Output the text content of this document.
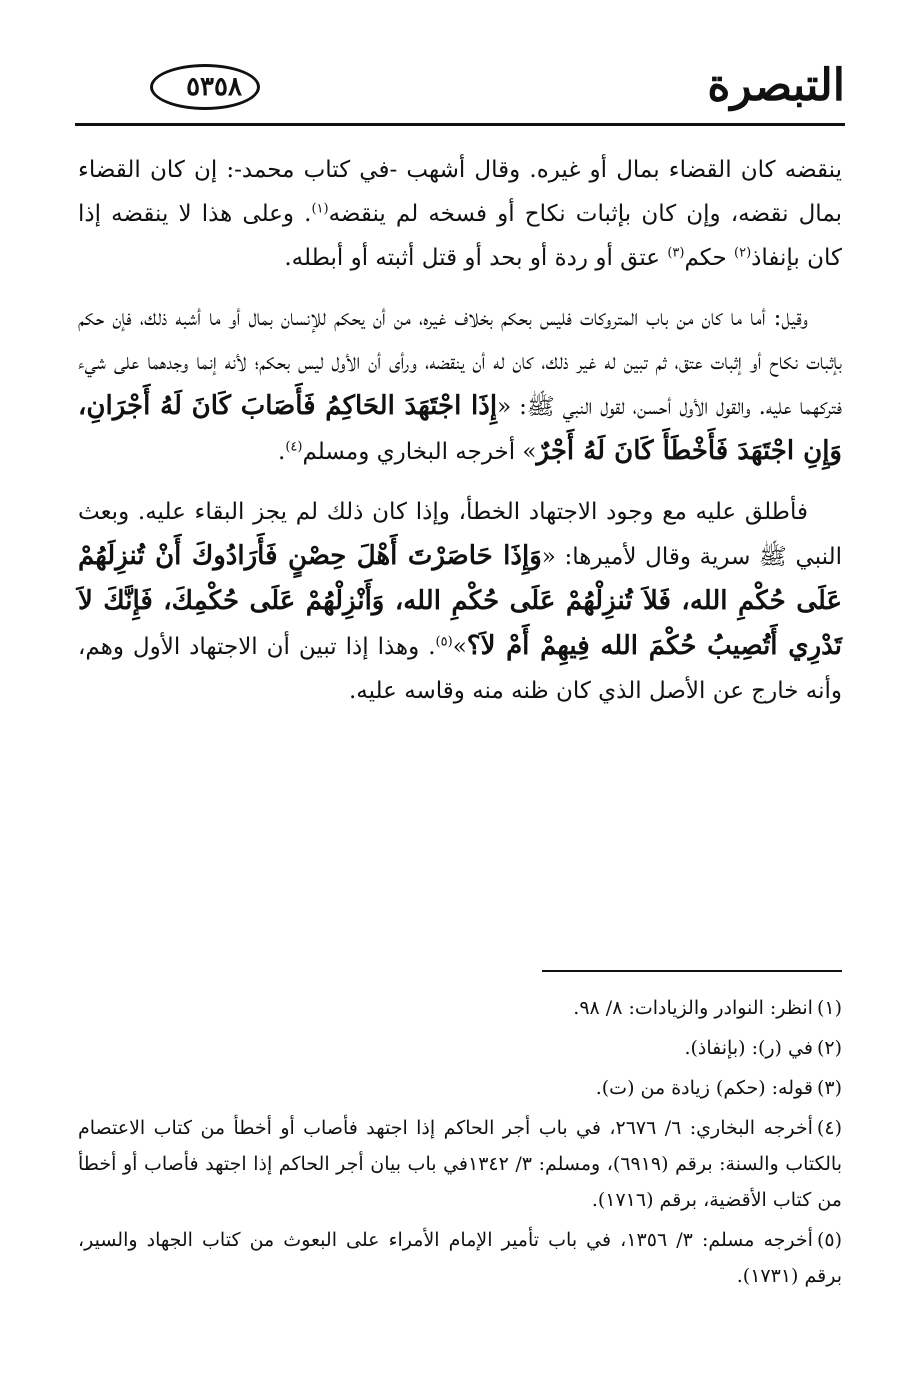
التبصرة
٥٣٥٨

ينقضه كان القضاء بمال أو غيره. وقال أشهب -في كتاب محمد-: إن كان القضاء بمال نقضه، وإن كان بإثبات نكاح أو فسخه لم ينقضه$^{(١)}$. وعلى هذا لا ينقضه إذا كان بإنفاذ$^{(٢)}$ حكم$^{(٣)}$ عتق أو ردة أو بحد أو قتل أثبته أو أبطله.

وقيل: أما ما كان من باب المتروكات فليس بحكم بخلاف غيره، من أن يحكم للإنسان بمال أو ما أشبه ذلك، فإن حكم بإثبات نكاح أو إثبات عتق، ثم تبين له غير ذلك، كان له أن ينقضه، ورأى أن الأول ليس بحكم؛ لأنه إنما وجدهما على شيء فتركهما عليه. والقول الأول أحسن، لقول النبي ﷺ: «إِذَا اجْتَهَدَ الحَاكِمُ فَأَصَابَ كَانَ لَهُ أَجْرَانِ، وَإِنِ اجْتَهَدَ فَأَخْطَأَ كَانَ لَهُ أَجْرٌ» أخرجه البخاري ومسلم$^{(٤)}$.

فأطلق عليه مع وجود الاجتهاد الخطأ، وإذا كان ذلك لم يجز البقاء عليه. وبعث النبي ﷺ سرية وقال لأميرها: «وَإِذَا حَاصَرْتَ أَهْلَ حِصْنٍ فَأَرَادُوكَ أَنْ تُنزِلَهُمْ عَلَى حُكْمِ الله، فَلاَ تُنزِلْهُمْ عَلَى حُكْمِ الله، وَأَنْزِلْهُمْ عَلَى حُكْمِكَ، فَإِنَّكَ لاَ تَدْرِي أَتُصِيبُ حُكْمَ الله فِيهِمْ أَمْ لاَ؟»$^{(٥)}$. وهذا إذا تبين أن الاجتهاد الأول وهم، وأنه خارج عن الأصل الذي كان ظنه منه وقاسه عليه.

(١)انظر: النوادر والزيادات: ٨/ ٩٨.

(٢)في (ر): (بإنفاذ).

(٣)قوله: (حكم) زيادة من (ت).

(٤)أخرجه البخاري: ٦/ ٢٦٧٦، في باب أجر الحاكم إذا اجتهد فأصاب أو أخطأ من كتاب الاعتصام بالكتاب والسنة: برقم (٦٩١٩)، ومسلم: ٣/ ١٣٤٢في باب بيان أجر الحاكم إذا اجتهد فأصاب أو أخطأ من كتاب الأقضية، برقم (١٧١٦).

(٥)أخرجه مسلم: ٣/ ١٣٥٦، في باب تأمير الإمام الأمراء على البعوث من كتاب الجهاد والسير، برقم (١٧٣١).
